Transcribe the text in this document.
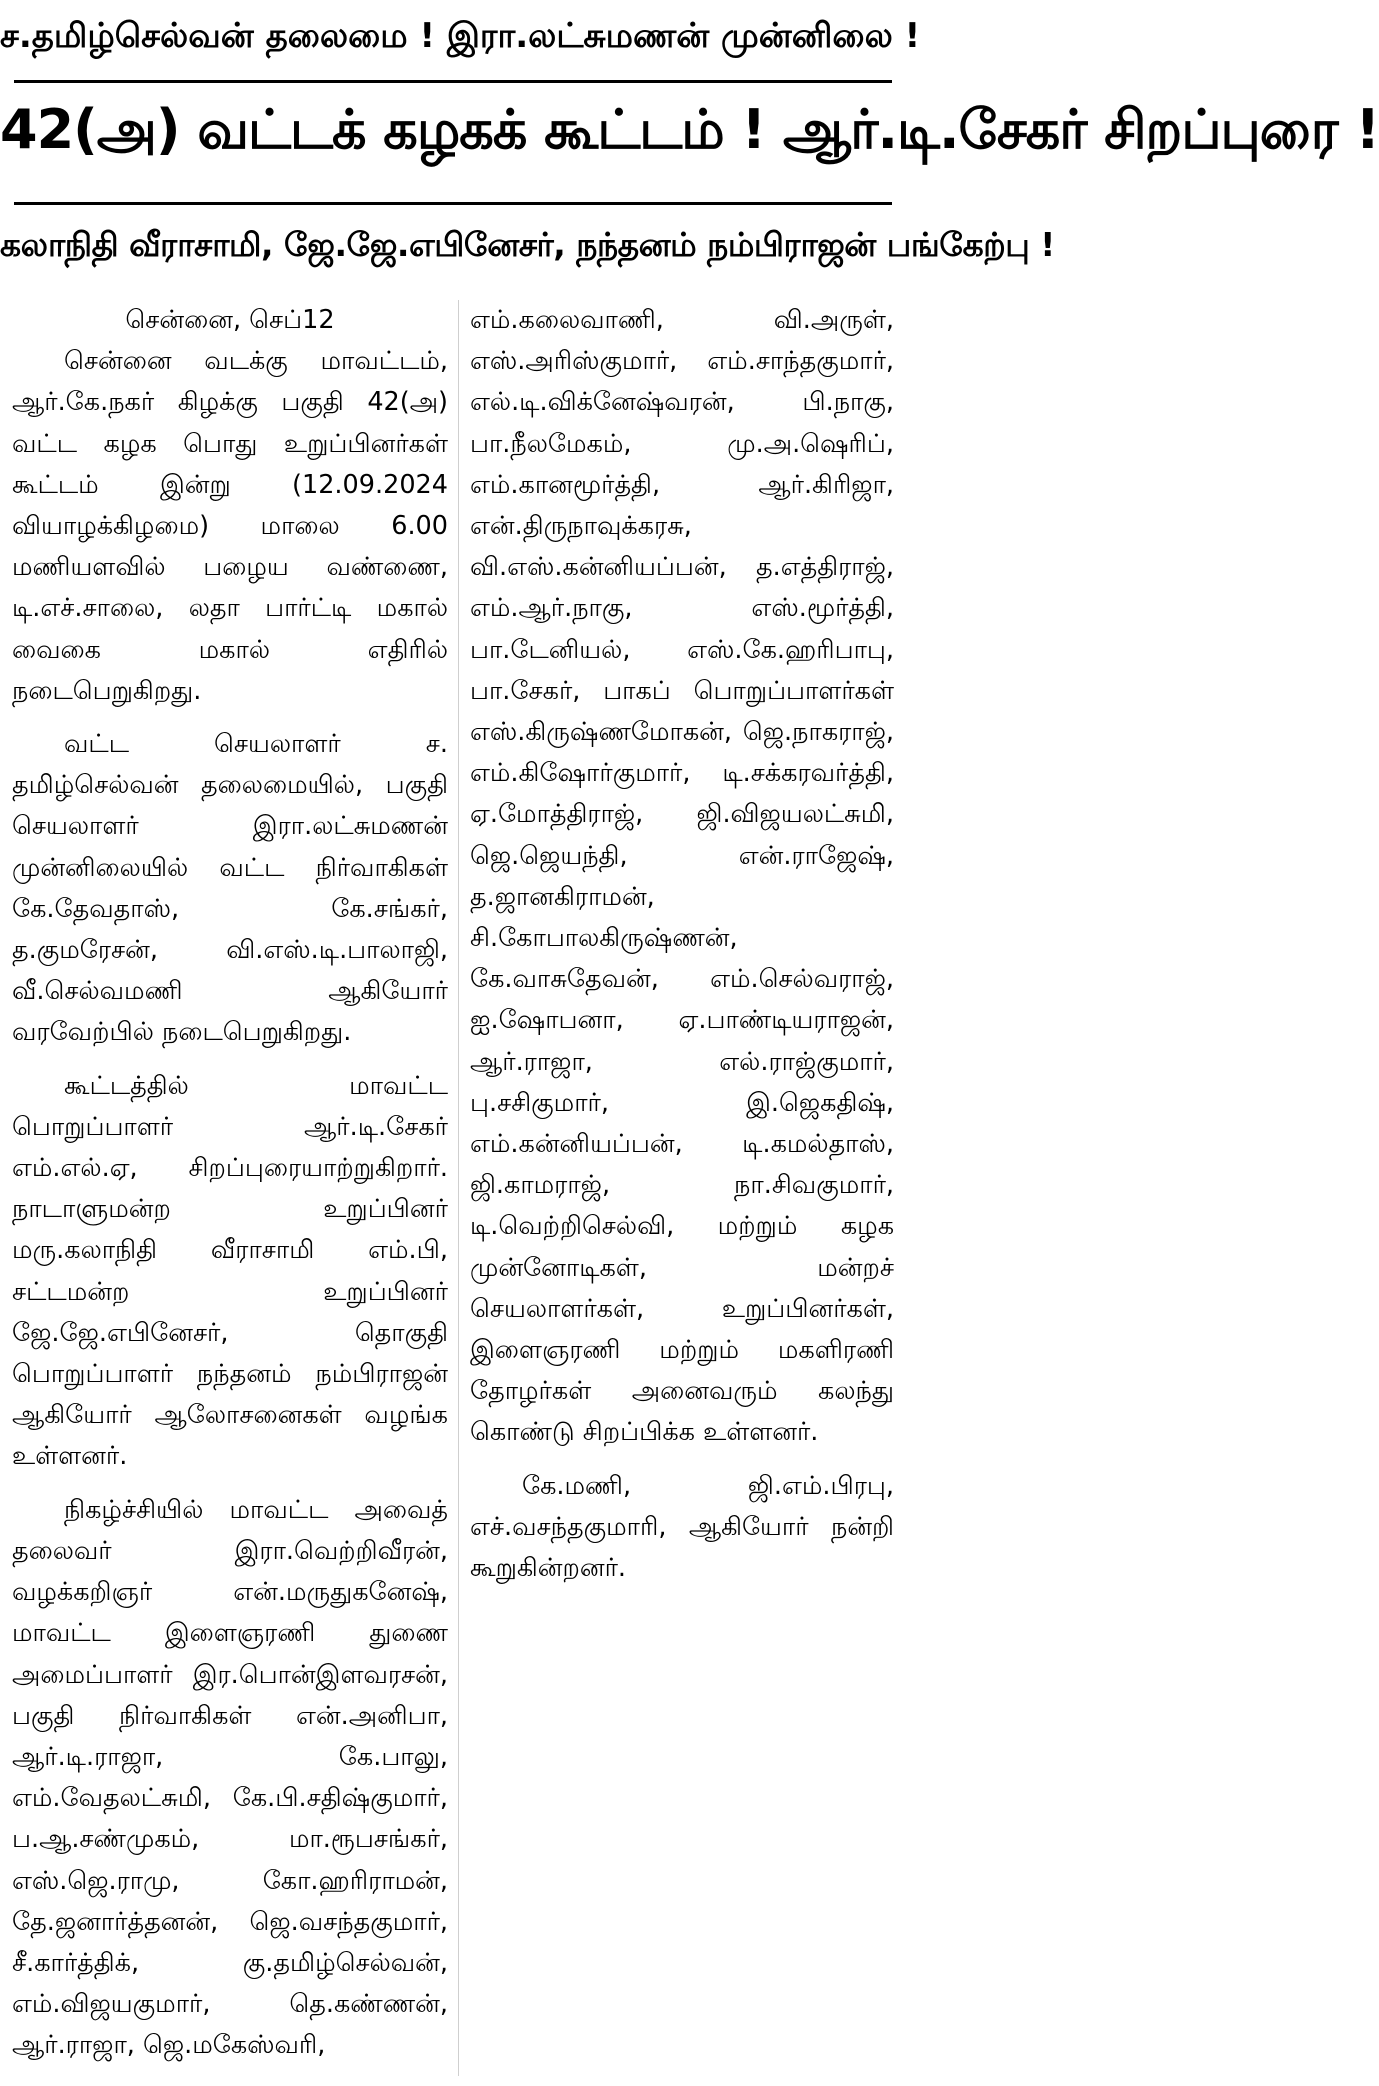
ச.தமிழ்செல்வன் தலைமை ! இரா.லட்சுமணன் முன்னிலை !
42(அ) வட்டக் கழகக் கூட்டம் ! ஆர்.டி.சேகர் சிறப்புரை !
கலாநிதி வீராசாமி, ஜே.ஜே.எபினேசர், நந்தனம் நம்பிராஜன் பங்கேற்பு !

சென்னை, செப்12

சென்னை வடக்கு மாவட்டம், ஆர்.கே.நகர் கிழக்கு பகுதி 42(அ) வட்ட கழக பொது உறுப்பினர்கள் கூட்டம் இன்று (12.09.2024 வியாழக்கிழமை) மாலை 6.00 மணியளவில் பழைய வண்ணை, டி.எச்.சாலை, லதா பார்ட்டி மகால் வைகை மகால் எதிரில் நடைபெறுகிறது.

வட்ட செயலாளர் ச. தமிழ்செல்வன் தலைமையில், பகுதி செயலாளர் இரா.லட்சுமணன் முன்னிலையில் வட்ட நிர்வாகிகள் கே.தேவதாஸ், கே.சங்கர், த.குமரேசன், வி.எஸ்.டி.பாலாஜி, வீ.செல்வமணி ஆகியோர் வரவேற்பில் நடைபெறுகிறது.

கூட்டத்தில் மாவட்ட பொறுப்பாளர் ஆர்.டி.சேகர் எம்.எல்.ஏ, சிறப்புரையாற்றுகிறார். நாடாளுமன்ற உறுப்பினர் மரு.கலாநிதி வீராசாமி எம்.பி, சட்டமன்ற உறுப்பினர் ஜே.ஜே.எபினேசர், தொகுதி பொறுப்பாளர் நந்தனம் நம்பிராஜன் ஆகியோர் ஆலோசனைகள் வழங்க உள்ளனர்.

நிகழ்ச்சியில் மாவட்ட அவைத் தலைவர் இரா.வெற்றிவீரன், வழக்கறிஞர் என்.மருதுகனேஷ், மாவட்ட இளைஞரணி துணை அமைப்பாளர் இர.பொன்இளவரசன், பகுதி நிர்வாகிகள் என்.அனிபா, ஆர்.டி.ராஜா, கே.பாலு, எம்.வேதலட்சுமி, கே.பி.சதிஷ்குமார், ப.ஆ.சண்முகம், மா.ரூபசங்கர், எஸ்.ஜெ.ராமு, கோ.ஹரிராமன், தே.ஜனார்த்தனன், ஜெ.வசந்தகுமார், சீ.கார்த்திக், கு.தமிழ்செல்வன், எம்.விஜயகுமார், தெ.கண்ணன், ஆர்.ராஜா, ஜெ.மகேஸ்வரி,

எம்.கலைவாணி, வி.அருள், எஸ்.அரிஸ்குமார், எம்.சாந்தகுமார், எல்.டி.விக்னேஷ்வரன், பி.நாகு, பா.நீலமேகம், மு.அ.ஷெரிப், எம்.கானமூர்த்தி, ஆர்.கிரிஜா, என்.திருநாவுக்கரசு, வி.எஸ்.கன்னியப்பன், த.எத்திராஜ், எம்.ஆர்.நாகு, எஸ்.மூர்த்தி, பா.டேனியல், எஸ்.கே.ஹரிபாபு, பா.சேகர், பாகப் பொறுப்பாளர்கள் எஸ்.கிருஷ்ணமோகன், ஜெ.நாகராஜ், எம்.கிஷோர்குமார், டி.சக்கரவர்த்தி, ஏ.மோத்திராஜ், ஜி.விஜயலட்சுமி, ஜெ.ஜெயந்தி, என்.ராஜேஷ், த.ஜானகிராமன், சி.கோபாலகிருஷ்ணன், கே.வாசுதேவன், எம்.செல்வராஜ், ஐ.ஷோபனா, ஏ.பாண்டியராஜன், ஆர்.ராஜா, எல்.ராஜ்குமார், பு.சசிகுமார், இ.ஜெகதிஷ், எம்.கன்னியப்பன், டி.கமல்தாஸ், ஜி.காமராஜ், நா.சிவகுமார், டி.வெற்றிசெல்வி, மற்றும் கழக முன்னோடிகள், மன்றச் செயலாளர்கள், உறுப்பினர்கள், இளைஞரணி மற்றும் மகளிரணி தோழர்கள் அனைவரும் கலந்து கொண்டு சிறப்பிக்க உள்ளனர்.

கே.மணி, ஜி.எம்.பிரபு, எச்.வசந்தகுமாரி, ஆகியோர் நன்றி கூறுகின்றனர்.
